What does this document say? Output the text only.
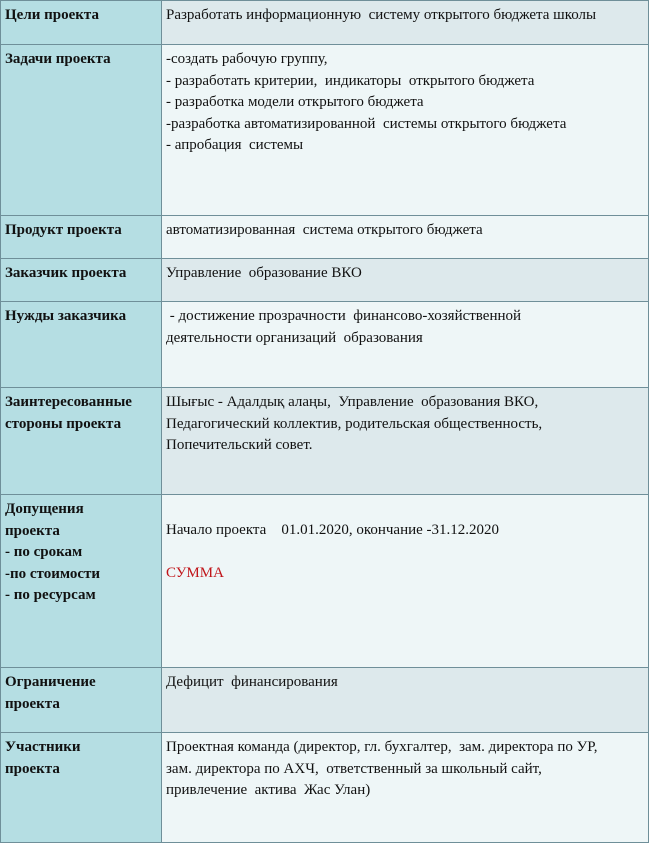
Цели проекта	Разработать информационную  систему открытого бюджета школы

Задачи проекта	-создать рабочую группу,
- разработать критерии,  индикаторы  открытого бюджета
- разработка модели открытого бюджета
-разработка автоматизированной  системы открытого бюджета
- апробация  системы

Продукт проекта	автоматизированная  система открытого бюджета

Заказчик проекта	Управление  образование ВКО

Нужды заказчика	- достижение прозрачности  финансово-хозяйственной
деятельности организаций  образования

Заинтересованные
стороны проекта	Шығыс - Адалдық алаңы,  Управление  образования ВКО,
Педагогический коллектив, родительская общественность,
Попечительский совет.

Допущения
проекта
- по срокам
-по стоимости
- по ресурсам	Начало проекта    01.01.2020, окончание -31.12.2020
СУММА

Ограничение
проекта	Дефицит  финансирования

Участники
проекта	Проектная команда (директор, гл. бухгалтер,  зам. директора по УР,
зам. директора по АХЧ,  ответственный за школьный сайт,
привлечение  актива  Жас Улан)
